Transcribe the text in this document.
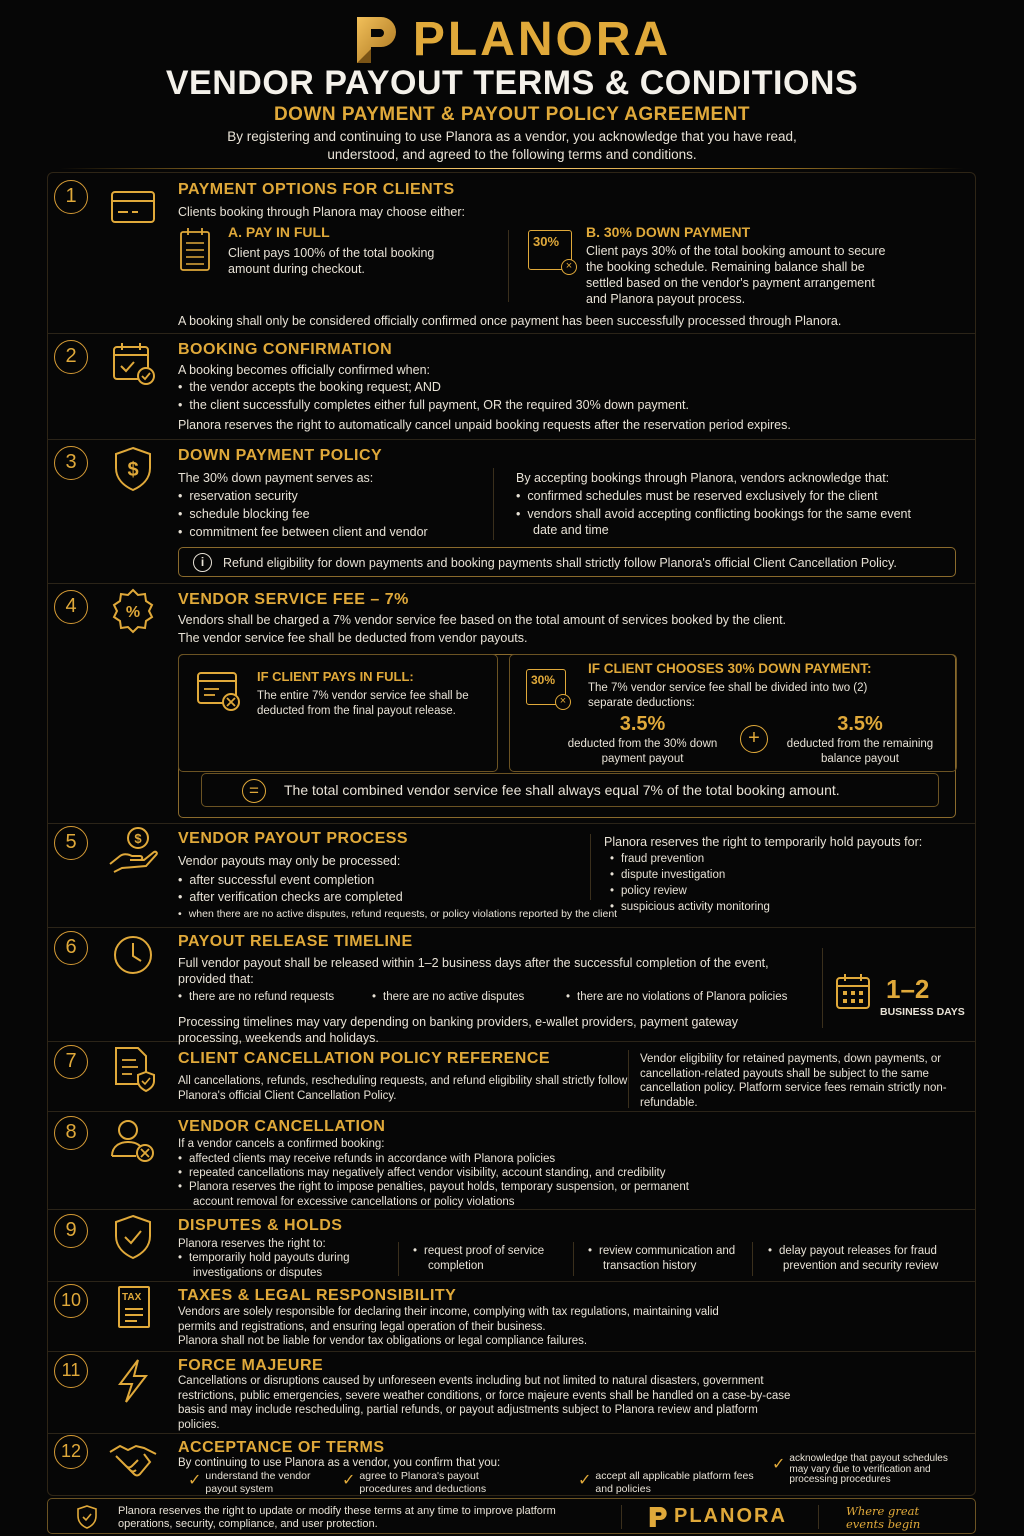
PLANORA
VENDOR PAYOUT TERMS & CONDITIONS
DOWN PAYMENT & PAYOUT POLICY AGREEMENT
By registering and continuing to use Planora as a vendor, you acknowledge that you have read, understood, and agreed to the following terms and conditions.
1	PAYMENT OPTIONS FOR CLIENTS
Clients booking through Planora may choose either:
A. PAY IN FULL
Client pays 100% of the total booking amount during checkout.
30%
×
B. 30% DOWN PAYMENT
Client pays 30% of the total booking amount to secure the booking schedule. Remaining balance shall be settled based on the vendor's payment arrangement and Planora payout process.
A booking shall only be considered officially confirmed once payment has been successfully processed through Planora.
2	BOOKING CONFIRMATION
A booking becomes officially confirmed when:
• the vendor accepts the booking request; AND
• the client successfully completes either full payment, OR the required 30% down payment.
Planora reserves the right to automatically cancel unpaid booking requests after the reservation period expires.
3	$
DOWN PAYMENT POLICY
The 30% down payment serves as:
• reservation security
• schedule blocking fee
• commitment fee between client and vendor
By accepting bookings through Planora, vendors acknowledge that:
• confirmed schedules must be reserved exclusively for the client
• vendors shall avoid accepting conflicting bookings for the same event date and time
i	Refund eligibility for down payments and booking payments shall strictly follow Planora's official Client Cancellation Policy.
4	%
VENDOR SERVICE FEE – 7%
Vendors shall be charged a 7% vendor service fee based on the total amount of services booked by the client.
The vendor service fee shall be deducted from vendor payouts.
IF CLIENT PAYS IN FULL:
The entire 7% vendor service fee shall be deducted from the final payout release.
30%
×
IF CLIENT CHOOSES 30% DOWN PAYMENT:
The 7% vendor service fee shall be divided into two (2) separate deductions:
3.5%
deducted from the 30% down payment payout
+
3.5%
deducted from the remaining balance payout
=	The total combined vendor service fee shall always equal 7% of the total booking amount.
5	$ VENDOR PAYOUT PROCESS
Vendor payouts may only be processed:
• after successful event completion
• after verification checks are completed
• when there are no active disputes, refund requests, or policy violations reported by the client
Planora reserves the right to temporarily hold payouts for:
• fraud prevention
• dispute investigation
• policy review
• suspicious activity monitoring
6	PAYOUT RELEASE TIMELINE
Full vendor payout shall be released within 1–2 business days after the successful completion of the event, provided that:
• there are no refund requests	• there are no active disputes	• there are no violations of Planora policies
Processing timelines may vary depending on banking providers, e-wallet providers, payment gateway processing, weekends and holidays.
1–2
BUSINESS DAYS
7	CLIENT CANCELLATION POLICY REFERENCE
All cancellations, refunds, rescheduling requests, and refund eligibility shall strictly follow Planora's official Client Cancellation Policy.
Vendor eligibility for retained payments, down payments, or cancellation-related payouts shall be subject to the same cancellation policy. Platform service fees remain strictly non-refundable.
8	VENDOR CANCELLATION
If a vendor cancels a confirmed booking:
• affected clients may receive refunds in accordance with Planora policies
• repeated cancellations may negatively affect vendor visibility, account standing, and credibility
• Planora reserves the right to impose penalties, payout holds, temporary suspension, or permanent account removal for excessive cancellations or policy violations
9	DISPUTES & HOLDS
Planora reserves the right to:
• temporarily hold payouts during investigations or disputes
• request proof of service completion
• review communication and transaction history
• delay payout releases for fraud prevention and security review
10	TAX TAXES & LEGAL RESPONSIBILITY
Vendors are solely responsible for declaring their income, complying with tax regulations, maintaining valid permits and registrations, and ensuring legal operation of their business.
Planora shall not be liable for vendor tax obligations or legal compliance failures.
11	FORCE MAJEURE
Cancellations or disruptions caused by unforeseen events including but not limited to natural disasters, government restrictions, public emergencies, severe weather conditions, or force majeure events shall be handled on a case-by-case basis and may include rescheduling, partial refunds, or payout adjustments subject to Planora review and platform policies.
12	ACCEPTANCE OF TERMS
By continuing to use Planora as a vendor, you confirm that you:
✓ understand the vendor payout system	✓ agree to Planora's payout procedures and deductions	✓ accept all applicable platform fees and policies
✓ acknowledge that payout schedules may vary due to verification and processing procedures
Planora reserves the right to update or modify these terms at any time to improve platform operations, security, compliance, and user protection.	PLANORA	Where great events begin
